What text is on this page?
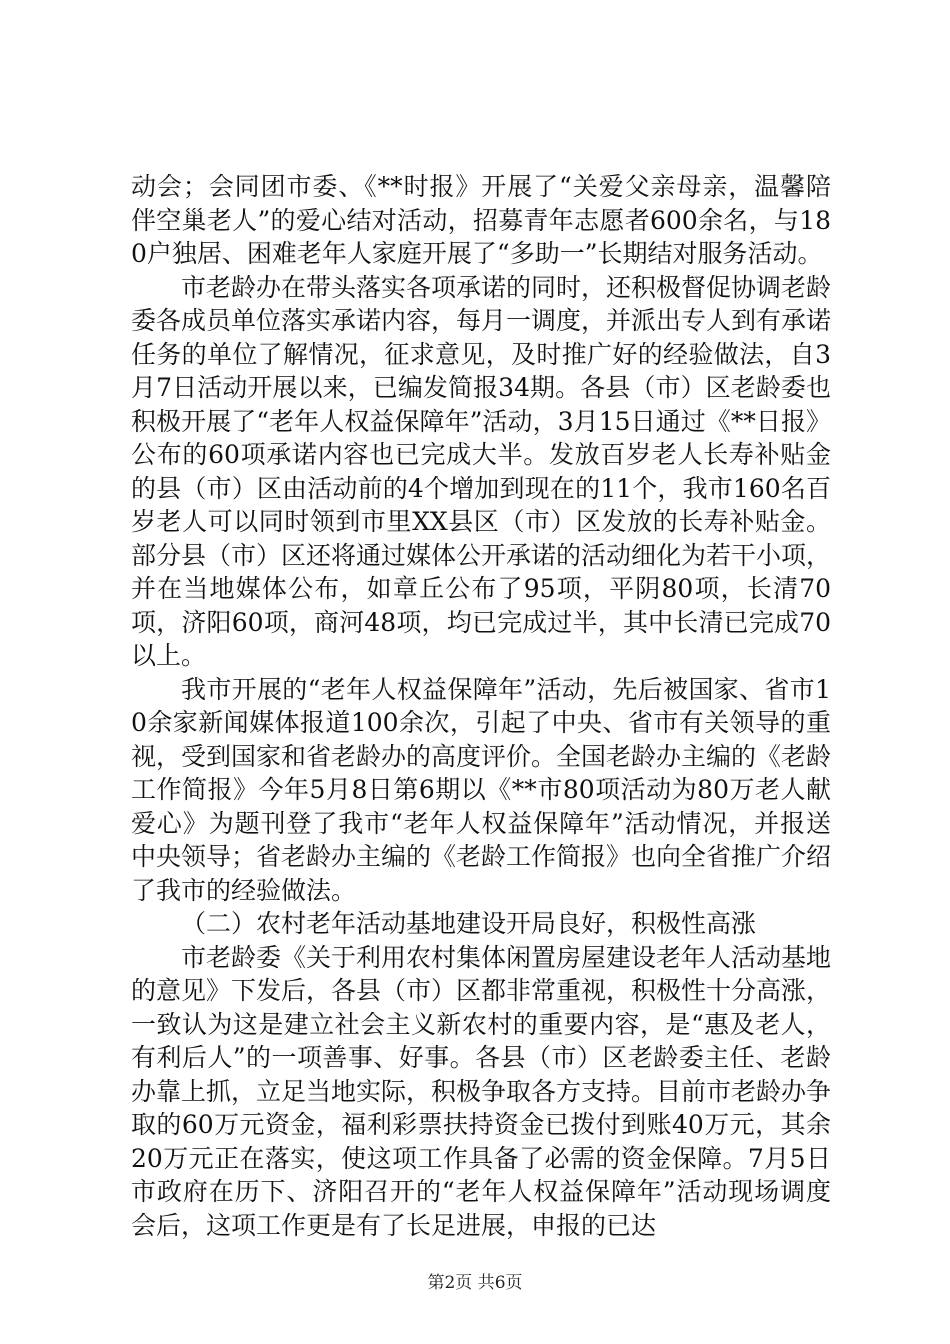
动会；会同团市委、《**时报》开展了“关爱父亲母亲，温馨陪伴空巢老人”的爱心结对活动，招募青年志愿者600余名，与180户独居、困难老年人家庭开展了“多助一”长期结对服务活动。

市老龄办在带头落实各项承诺的同时，还积极督促协调老龄委各成员单位落实承诺内容，每月一调度，并派出专人到有承诺任务的单位了解情况，征求意见，及时推广好的经验做法，自3月7日活动开展以来，已编发简报34期。各县（市）区老龄委也积极开展了“老年人权益保障年”活动，3月15日通过《**日报》公布的60项承诺内容也已完成大半。发放百岁老人长寿补贴金的县（市）区由活动前的4个增加到现在的11个，我市160名百岁老人可以同时领到市里XX县区（市）区发放的长寿补贴金。部分县（市）区还将通过媒体公开承诺的活动细化为若干小项，并在当地媒体公布，如章丘公布了95项，平阴80项，长清70项，济阳60项，商河48项，均已完成过半，其中长清已完成70以上。

我市开展的“老年人权益保障年”活动，先后被国家、省市10余家新闻媒体报道100余次，引起了中央、省市有关领导的重视，受到国家和省老龄办的高度评价。全国老龄办主编的《老龄工作简报》今年5月8日第6期以《**市80项活动为80万老人献爱心》为题刊登了我市“老年人权益保障年”活动情况，并报送中央领导；省老龄办主编的《老龄工作简报》也向全省推广介绍了我市的经验做法。

（二）农村老年活动基地建设开局良好，积极性高涨

市老龄委《关于利用农村集体闲置房屋建设老年人活动基地的意见》下发后，各县（市）区都非常重视，积极性十分高涨，一致认为这是建立社会主义新农村的重要内容，是“惠及老人，有利后人”的一项善事、好事。各县（市）区老龄委主任、老龄办靠上抓，立足当地实际，积极争取各方支持。目前市老龄办争取的60万元资金，福利彩票扶持资金已拨付到账40万元，其余20万元正在落实，使这项工作具备了必需的资金保障。7月5日市政府在历下、济阳召开的“老年人权益保障年”活动现场调度会后，这项工作更是有了长足进展，申报的已达

第2页 共6页
